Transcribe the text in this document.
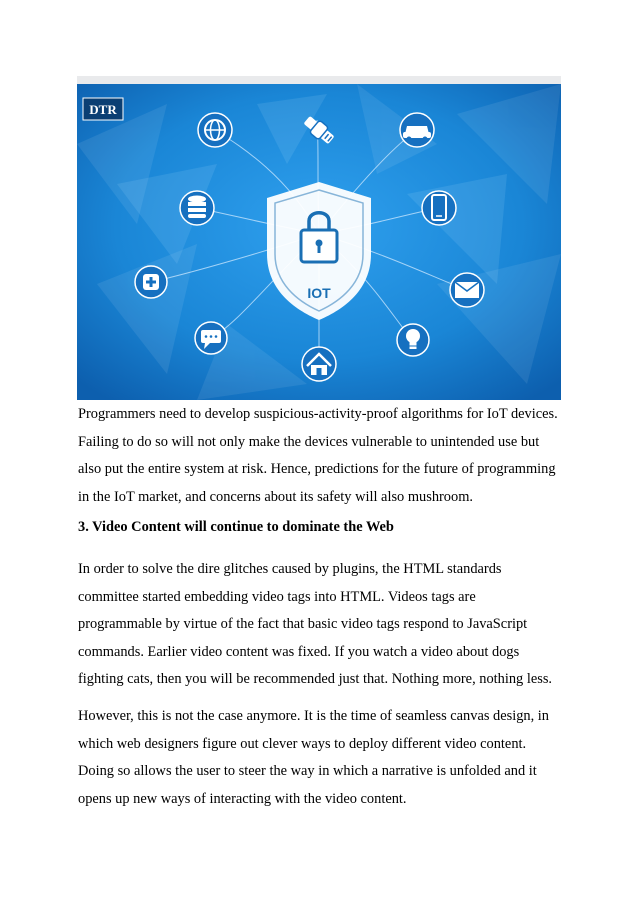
DTR
IOT
Programmers need to develop suspicious-activity-proof algorithms for IoT devices.
Failing to do so will not only make the devices vulnerable to unintended use but
also put the entire system at risk. Hence, predictions for the future of programming
in the IoT market, and concerns about its safety will also mushroom.
3. Video Content will continue to dominate the Web
In order to solve the dire glitches caused by plugins, the HTML standards
committee started embedding video tags into HTML. Videos tags are
programmable by virtue of the fact that basic video tags respond to JavaScript
commands. Earlier video content was fixed. If you watch a video about dogs
fighting cats, then you will be recommended just that. Nothing more, nothing less.
However, this is not the case anymore. It is the time of seamless canvas design, in
which web designers figure out clever ways to deploy different video content.
Doing so allows the user to steer the way in which a narrative is unfolded and it
opens up new ways of interacting with the video content.
